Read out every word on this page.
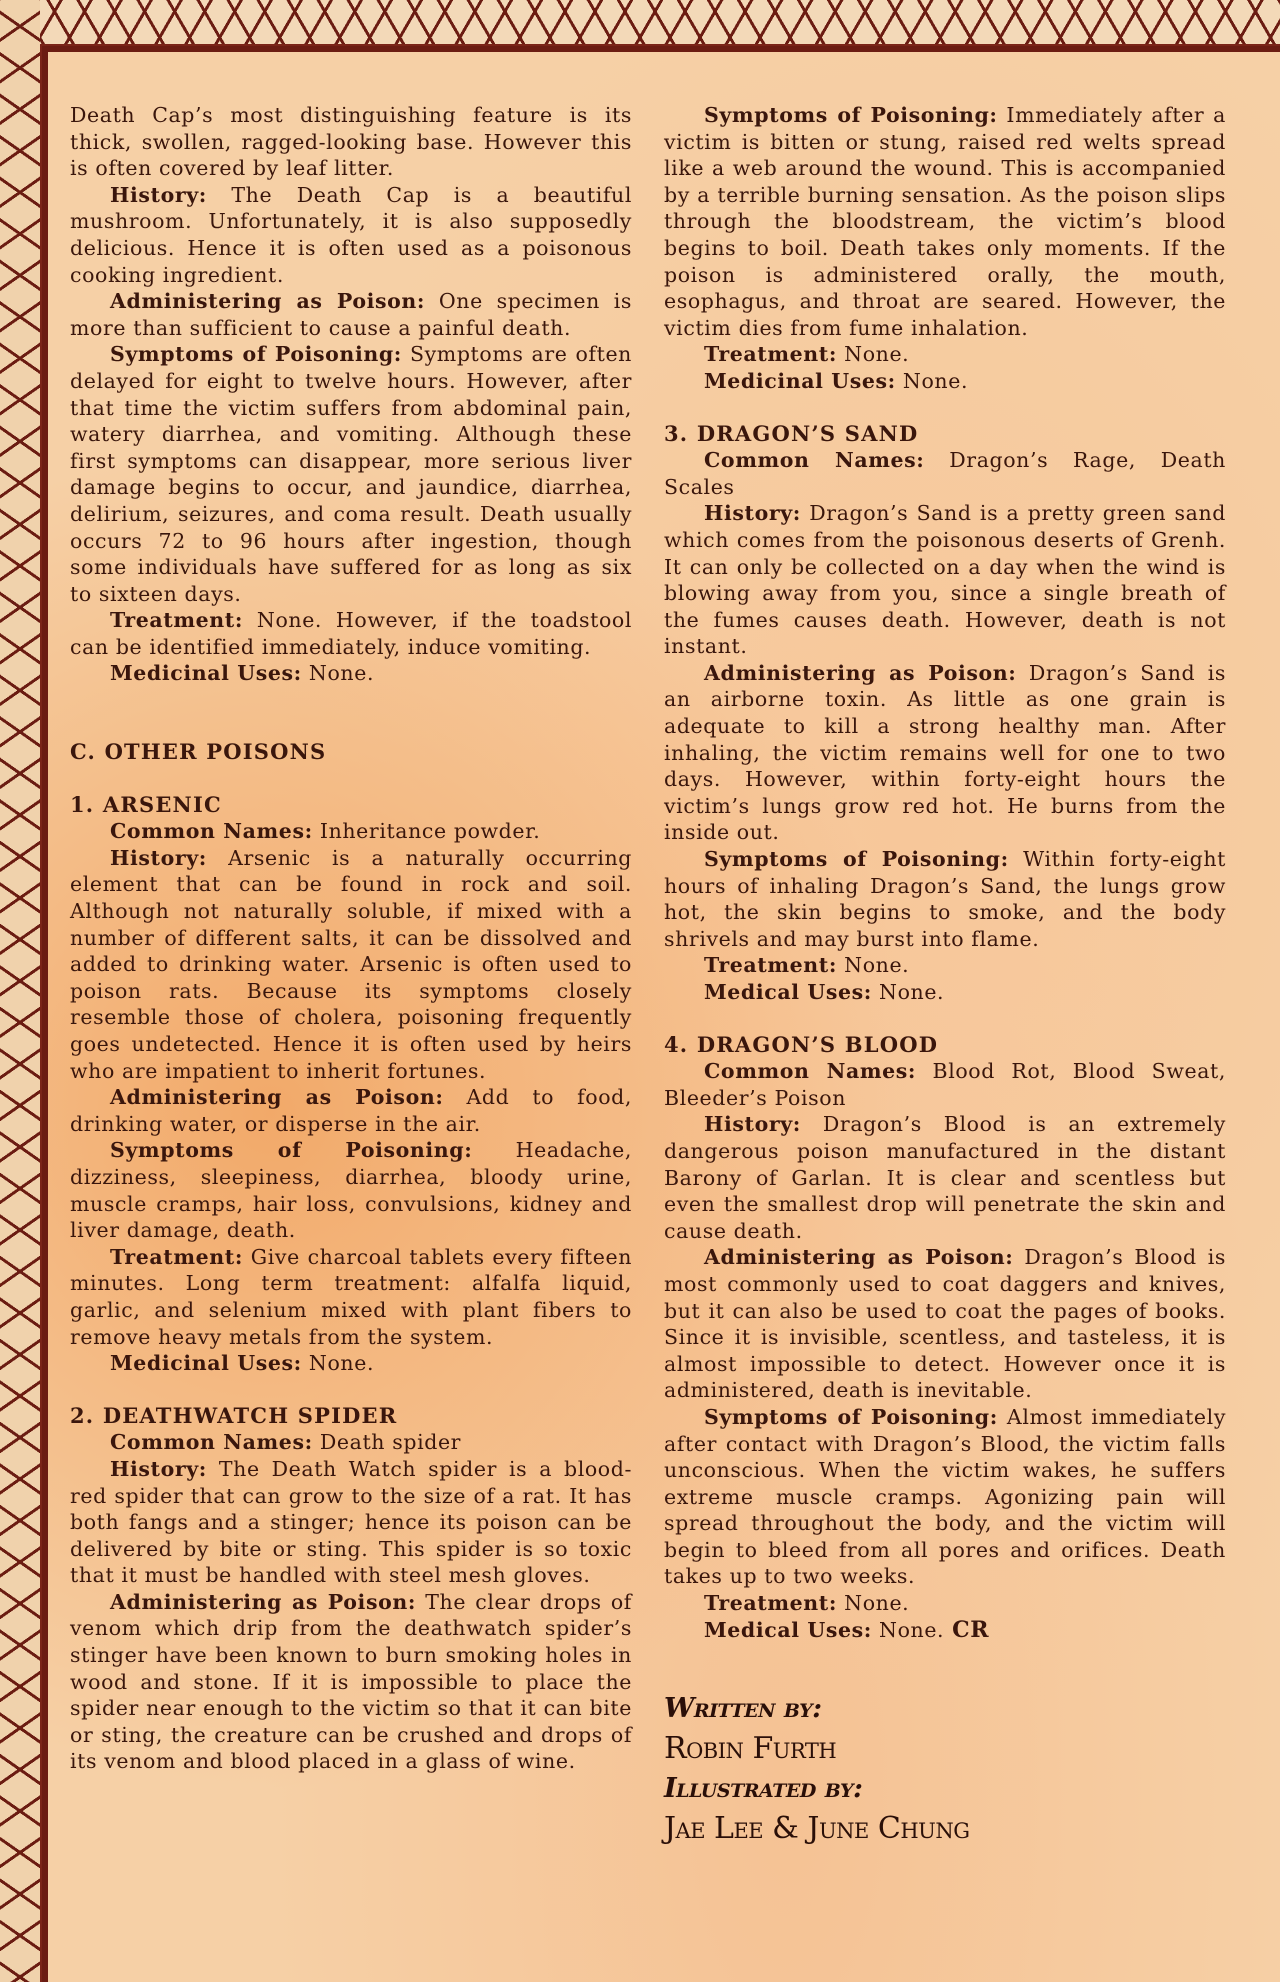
Death Cap’s most distinguishing feature is its thick, swollen, ragged-looking base. However this is often covered by leaf litter.

History: The Death Cap is a beautiful mushroom. Unfortunately, it is also supposedly delicious. Hence it is often used as a poisonous cooking ingredient.

Administering as Poison: One specimen is more than sufficient to cause a painful death.

Symptoms of Poisoning: Symptoms are often delayed for eight to twelve hours. However, after that time the victim suffers from abdominal pain, watery diarrhea, and vomiting. Although these first symptoms can disappear, more serious liver damage begins to occur, and jaundice, diarrhea, delirium, seizures, and coma result. Death usually occurs 72 to 96 hours after ingestion, though some individuals have suffered for as long as six to sixteen days.

Treatment: None. However, if the toadstool can be identified immediately, induce vomiting.

Medicinal Uses: None.

C. OTHER POISONS
1. ARSENIC

Common Names: Inheritance powder.

History: Arsenic is a naturally occurring element that can be found in rock and soil. Although not naturally soluble, if mixed with a number of different salts, it can be dissolved and added to drinking water. Arsenic is often used to poison rats. Because its symptoms closely resemble those of cholera, poisoning frequently goes undetected. Hence it is often used by heirs who are impatient to inherit fortunes.

Administering as Poison: Add to food, drinking water, or disperse in the air.

Symptoms of Poisoning: Headache, dizziness, sleepiness, diarrhea, bloody urine, muscle cramps, hair loss, convulsions, kidney and liver damage, death.

Treatment: Give charcoal tablets every fifteen minutes. Long term treatment: alfalfa liquid, garlic, and selenium mixed with plant fibers to remove heavy metals from the system.

Medicinal Uses: None.

2. DEATHWATCH SPIDER

Common Names: Death spider

History: The Death Watch spider is a blood-red spider that can grow to the size of a rat. It has both fangs and a stinger; hence its poison can be delivered by bite or sting. This spider is so toxic that it must be handled with steel mesh gloves.

Administering as Poison: The clear drops of venom which drip from the deathwatch spider’s stinger have been known to burn smoking holes in wood and stone. If it is impossible to place the spider near enough to the victim so that it can bite or sting, the creature can be crushed and drops of its venom and blood placed in a glass of wine.

Symptoms of Poisoning: Immediately after a victim is bitten or stung, raised red welts spread like a web around the wound. This is accompanied by a terrible burning sensation. As the poison slips through the bloodstream, the victim’s blood begins to boil. Death takes only moments. If the poison is administered orally, the mouth, esophagus, and throat are seared. However, the victim dies from fume inhalation.

Treatment: None.

Medicinal Uses: None.

3. DRAGON’S SAND

Common Names: Dragon’s Rage, Death Scales

History: Dragon’s Sand is a pretty green sand which comes from the poisonous deserts of Grenh. It can only be collected on a day when the wind is blowing away from you, since a single breath of the fumes causes death. However, death is not instant.

Administering as Poison: Dragon’s Sand is an airborne toxin. As little as one grain is adequate to kill a strong healthy man. After inhaling, the victim remains well for one to two days. However, within forty-eight hours the victim’s lungs grow red hot. He burns from the inside out.

Symptoms of Poisoning: Within forty-eight hours of inhaling Dragon’s Sand, the lungs grow hot, the skin begins to smoke, and the body shrivels and may burst into flame.

Treatment: None.

Medical Uses: None.

4. DRAGON’S BLOOD

Common Names: Blood Rot, Blood Sweat, Bleeder’s Poison

History: Dragon’s Blood is an extremely dangerous poison manufactured in the distant Barony of Garlan. It is clear and scentless but even the smallest drop will penetrate the skin and cause death.

Administering as Poison: Dragon’s Blood is most commonly used to coat daggers and knives, but it can also be used to coat the pages of books. Since it is invisible, scentless, and tasteless, it is almost impossible to detect. However once it is administered, death is inevitable.

Symptoms of Poisoning: Almost immediately after contact with Dragon’s Blood, the victim falls unconscious. When the victim wakes, he suffers extreme muscle cramps. Agonizing pain will spread throughout the body, and the victim will begin to bleed from all pores and orifices. Death takes up to two weeks.

Treatment: None.

Medical Uses: None. CR

Written by:
Robin Furth
Illustrated by:
Jae Lee & June Chung
